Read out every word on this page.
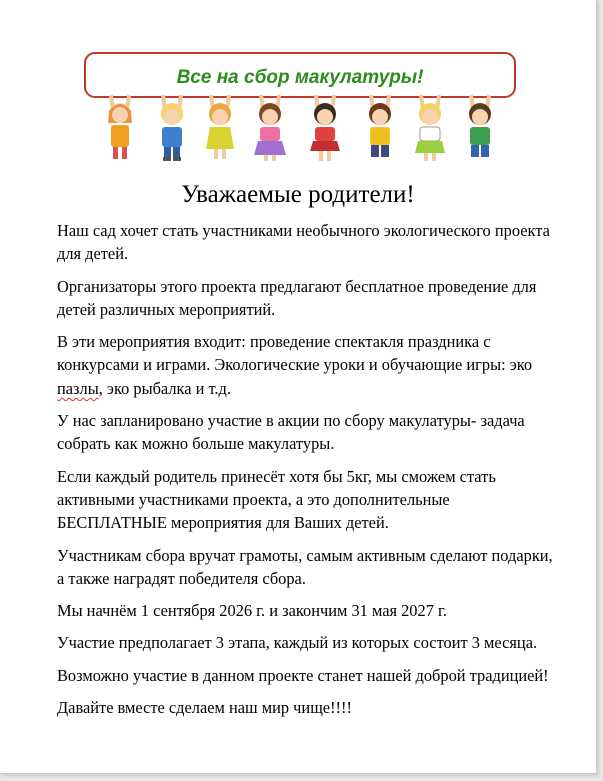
Все на сбор макулатуры!
Уважаемые родители!

Наш сад хочет стать участниками необычного экологического проекта для детей.

Организаторы этого проекта предлагают бесплатное проведение для детей различных мероприятий.

В эти мероприятия входит: проведение спектакля праздника с конкурсами и играми. Экологические уроки и обучающие игры: эко пазлы, эко рыбалка и т.д.

У нас запланировано участие в акции по сбору макулатуры- задача собрать как можно больше макулатуры.

Если каждый родитель принесёт хотя бы 5кг, мы сможем стать активными участниками проекта, а это дополнительные БЕСПЛАТНЫЕ мероприятия для Ваших детей.

Участникам сбора вручат грамоты, самым активным сделают подарки, а также наградят победителя сбора.

Мы начнём 1 сентября 2026 г. и закончим 31 мая 2027 г.

Участие предполагает 3 этапа, каждый из которых состоит 3 месяца.

Возможно участие в данном проекте станет нашей доброй традицией!

Давайте вместе сделаем наш мир чище!!!!
